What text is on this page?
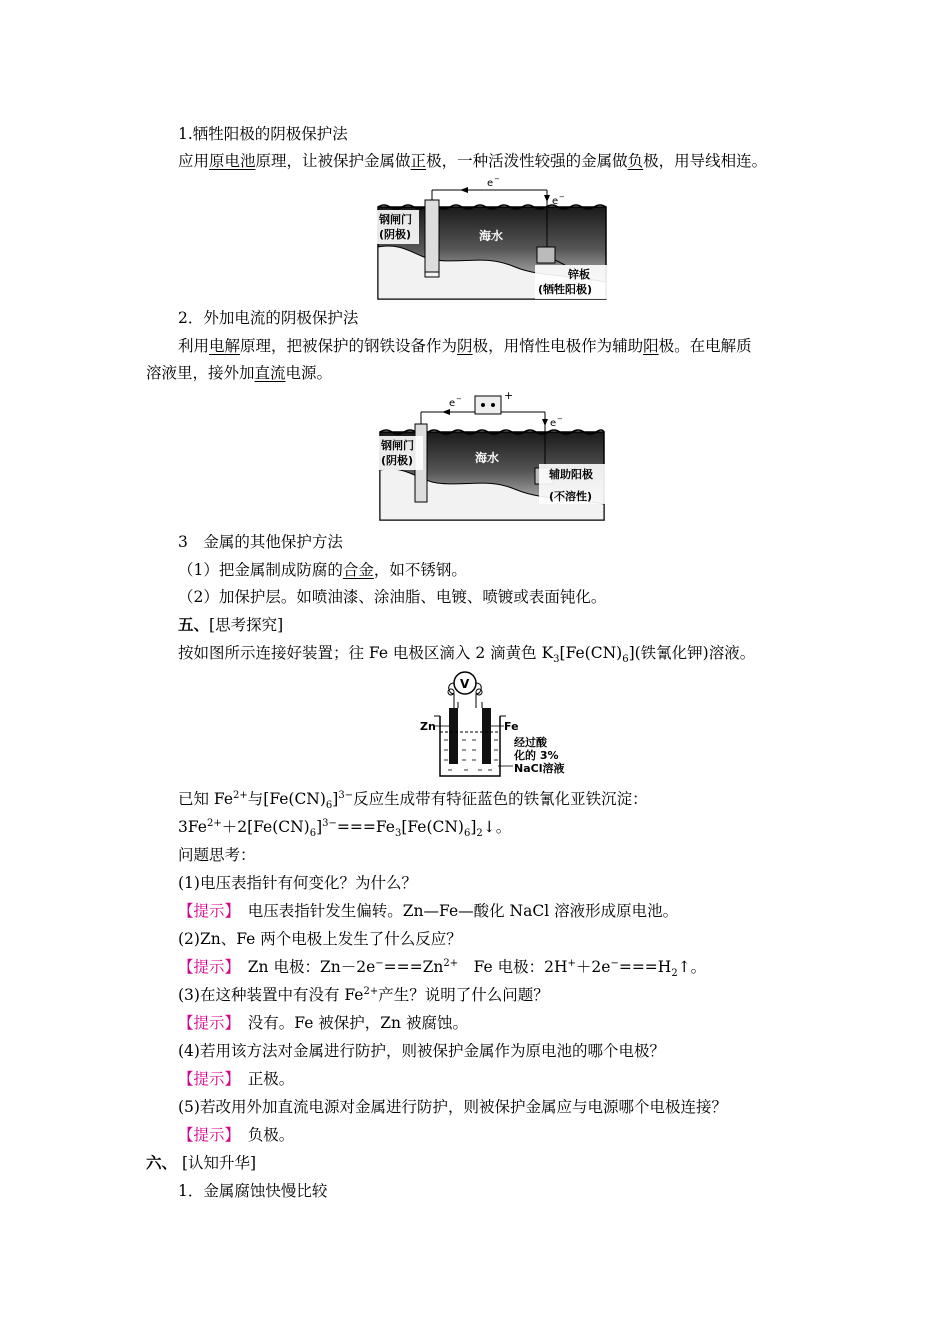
1.牺牲阳极的阴极保护法
应用原电池原理，让被保护金属做正极，一种活泼性较强的金属做负极，用导线相连。
钢闸门
(阴极)	海水
e −
e −
锌板
(牺牲阳极)
2．外加电流的阴极保护法
利用电解原理，把被保护的钢铁设备作为阴极，用惰性电极作为辅助阳极。在电解质
溶液里，接外加直流电源。
钢闸门
(阴极)	海水
e −	+
e −
辅助阳极
(不溶性)
3　金属的其他保护方法
（1）把金属制成防腐的合金，如不锈钢。
（2）加保护层。如喷油漆、涂油脂、电镀、喷镀或表面钝化。
五、[思考探究]
按如图所示连接好装置；往 Fe 电极区滴入 2 滴黄色 $K_3[Fe(CN)_6]$(铁氰化钾)溶液。
V
Zn	Fe
经过酸
化的 3%
NaCl溶液
已知 $Fe^{2+}$与$[Fe(CN)_6]^{3-}$反应生成带有特征蓝色的铁氰化亚铁沉淀：
$3Fe^{2+}+2[Fe(CN)_6]^{3-}===Fe_3[Fe(CN)_6]_2↓$。
问题思考：
(1)电压表指针有何变化？为什么？
【提示】　 电压表指针发生偏转。Zn—Fe—酸化 NaCl 溶液形成原电池。
(2)Zn、Fe 两个电极上发生了什么反应？
【提示】　 Zn 电极：$Zn-2e^-===Zn^{2+}$　Fe 电极：$2H^++2e^-===H_2↑$。
(3)在这种装置中有没有 $Fe^{2+}$产生？说明了什么问题？
【提示】　 没有。Fe 被保护，Zn 被腐蚀。
(4)若用该方法对金属进行防护，则被保护金属作为原电池的哪个电极？
【提示】　 正极。
(5)若改用外加直流电源对金属进行防护，则被保护金属应与电源哪个电极连接？
【提示】　 负极。
六、 [认知升华]
1．金属腐蚀快慢比较
